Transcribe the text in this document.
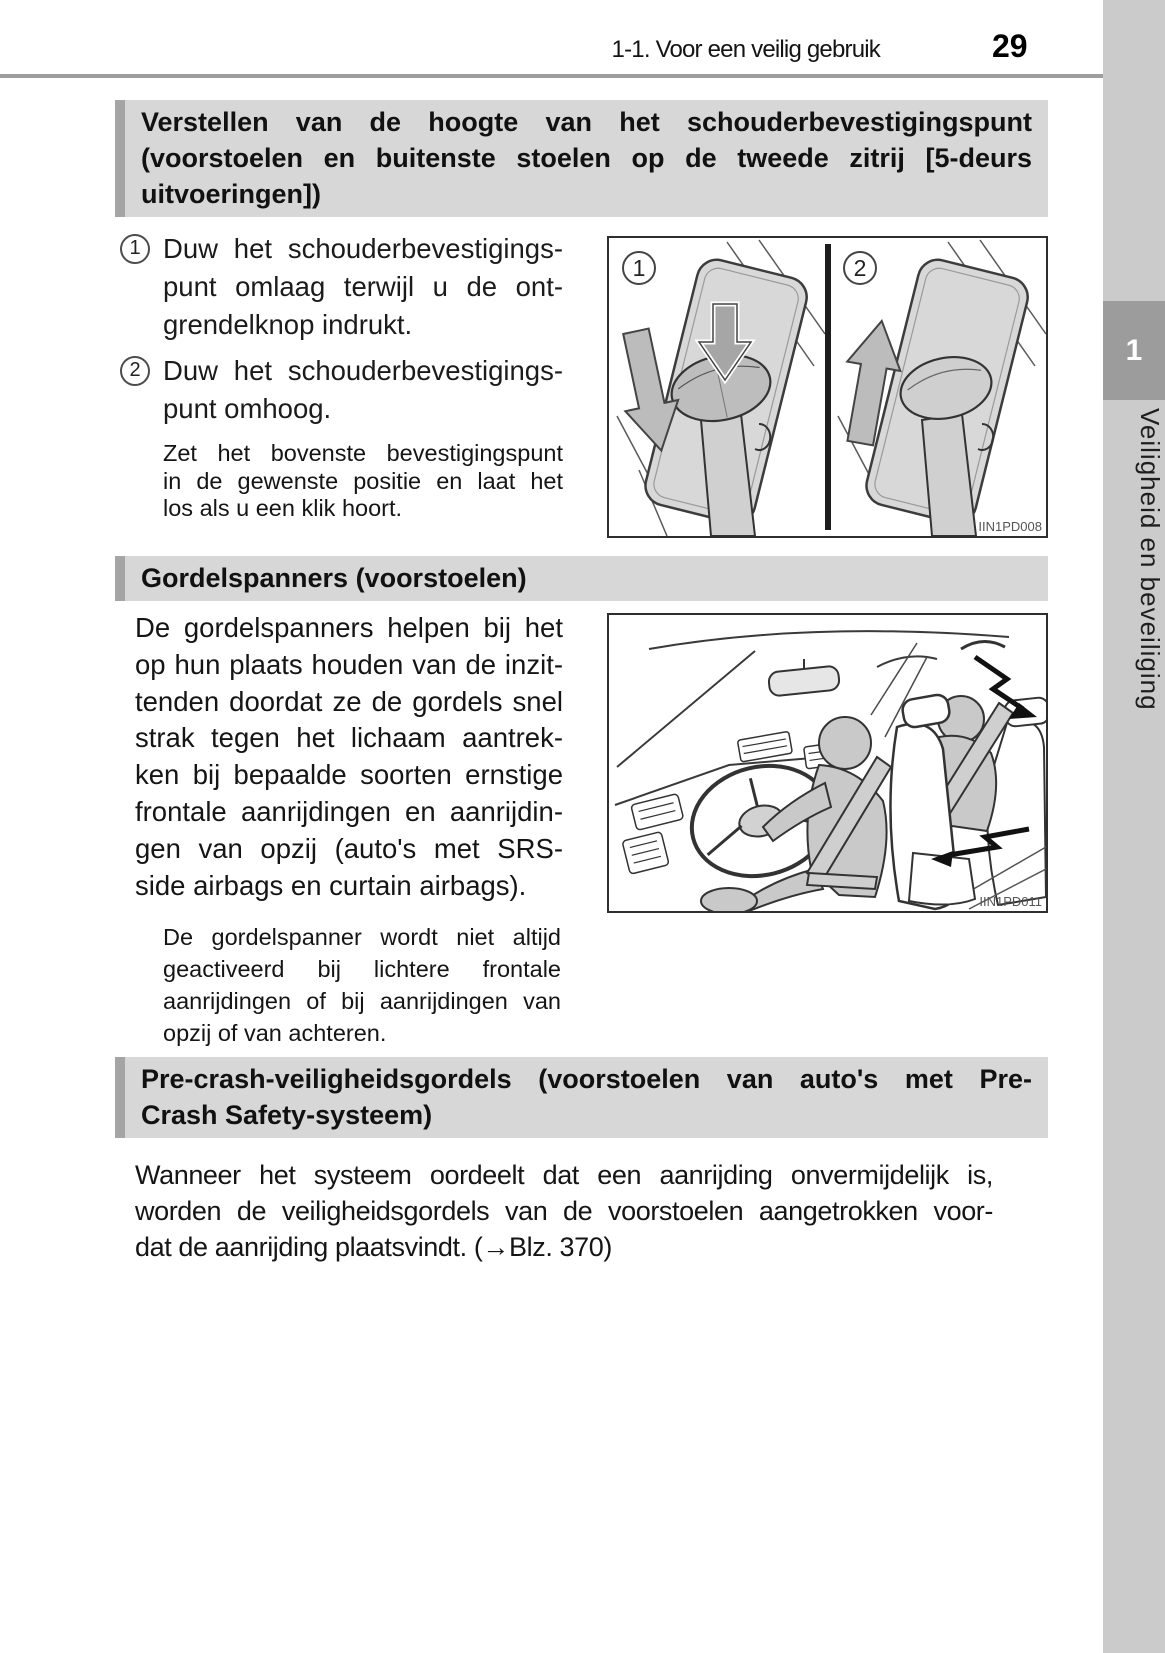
1-1. Voor een veilig gebruik	29
1
Veiligheid en beveiliging
Verstellen van de hoogte van het schouderbevestigingspunt
(voorstoelen en buitenste stoelen op de tweede zitrij [5-deurs
uitvoeringen])
1 Duw het schouderbevestigings-
punt omlaag terwijl u de ont-
grendelknop indrukt.
2 Duw het schouderbevestigings-
punt omhoog.
Zet het bovenste bevestigingspunt
in de gewenste positie en laat het
los als u een klik hoort.
1	2
IIN1PD008
Gordelspanners (voorstoelen)
De gordelspanners helpen bij het
op hun plaats houden van de inzit-
tenden doordat ze de gordels snel
strak tegen het lichaam aantrek-
ken bij bepaalde soorten ernstige
frontale aanrijdingen en aanrijdin-
gen van opzij (auto's met SRS-
side airbags en curtain airbags).
De gordelspanner wordt niet altijd
geactiveerd bij lichtere frontale
aanrijdingen of bij aanrijdingen van
opzij of van achteren.
IIN1PD011
Pre-crash-veiligheidsgordels (voorstoelen van auto's met Pre-
Crash Safety-systeem)
Wanneer het systeem oordeelt dat een aanrijding onvermijdelijk is,
worden de veiligheidsgordels van de voorstoelen aangetrokken voor-
dat de aanrijding plaatsvindt. (→Blz. 370)
